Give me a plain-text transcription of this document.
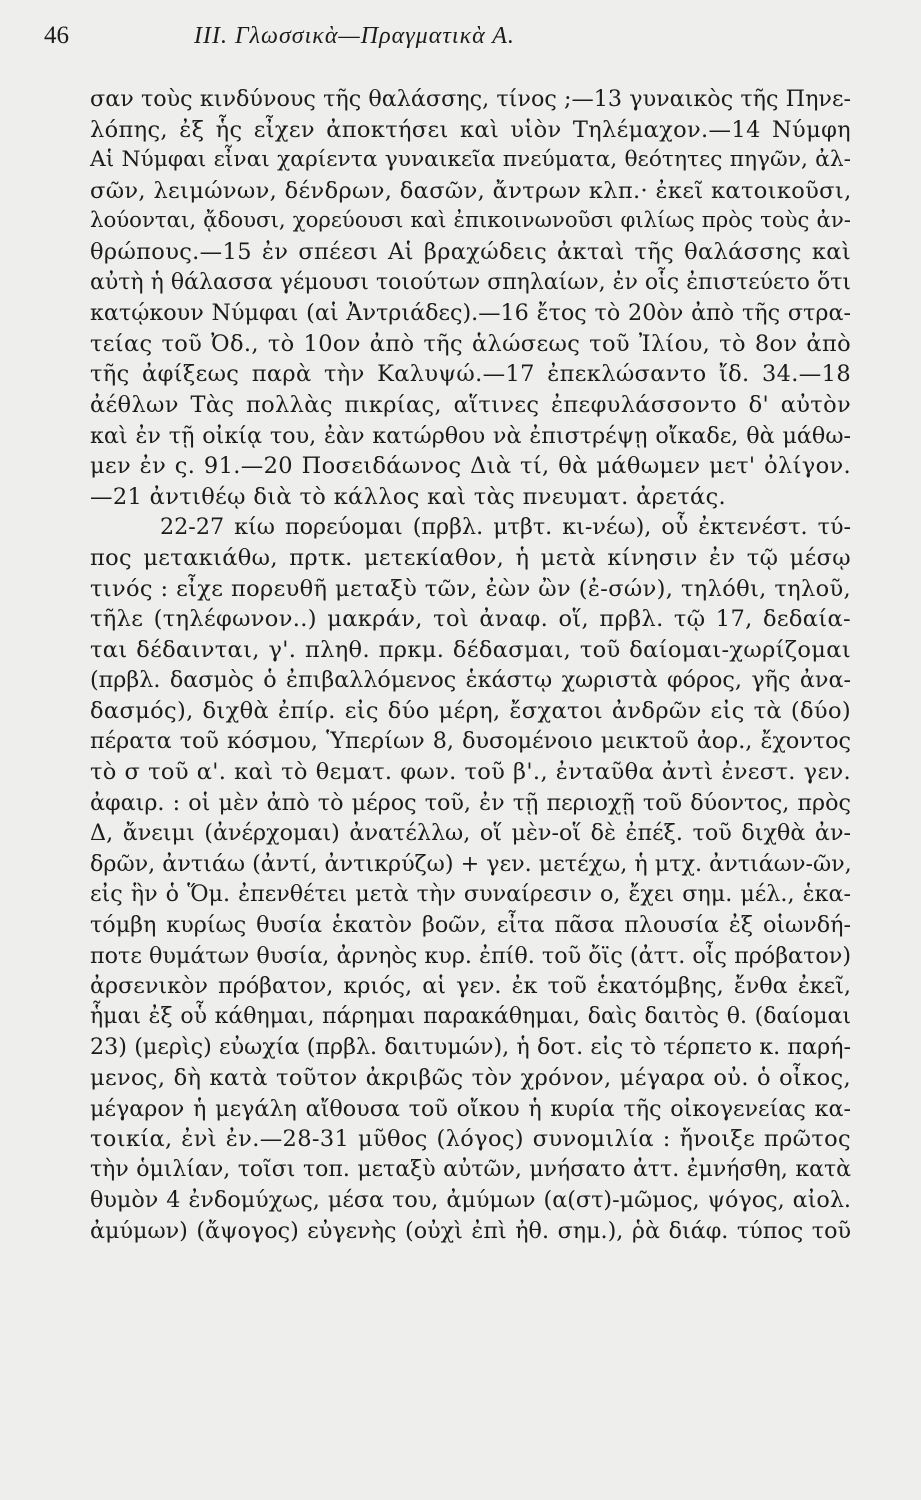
46	ΙΙΙ. Γλωσσικὰ—Πραγματικὰ Α.
σαν τοὺς κινδύνους τῆς θαλάσσης, τίνος ;—13 γυναικὸς τῆς Πηνε-
λόπης, ἐξ ἧς εἶχεν ἀποκτήσει καὶ υἱὸν Τηλέμαχον.—14 Νύμφη
Αἱ Νύμφαι εἶναι χαρίεντα γυναικεῖα πνεύματα, θεότητες πηγῶν, ἀλ-
σῶν, λειμώνων, δένδρων, δασῶν, ἄντρων κλπ.· ἐκεῖ κατοικοῦσι,
λούονται, ᾄδουσι, χορεύουσι καὶ ἐπικοινωνοῦσι φιλίως πρὸς τοὺς ἀν-
θρώπους.—15 ἐν σπέεσι Αἱ βραχώδεις ἀκταὶ τῆς θαλάσσης καὶ
αὐτὴ ἡ θάλασσα γέμουσι τοιούτων σπηλαίων, ἐν οἷς ἐπιστεύετο ὅτι
κατῴκουν Νύμφαι (αἱ Ἀντριάδες).—16 ἔτος τὸ 20ὸν ἀπὸ τῆς στρα-
τείας τοῦ Ὀδ., τὸ 10ον ἀπὸ τῆς ἁλώσεως τοῦ Ἰλίου, τὸ 8ον ἀπὸ
τῆς ἀφίξεως παρὰ τὴν Καλυψώ.—17 ἐπεκλώσαντο ἴδ. 34.—18
ἀέθλων Τὰς πολλὰς πικρίας, αἵτινες ἐπεφυλάσσοντο δ' αὐτὸν
καὶ ἐν τῇ οἰκίᾳ του, ἐὰν κατώρθου νὰ ἐπιστρέψῃ οἴκαδε, θὰ μάθω-
μεν ἐν ς. 91.—20 Ποσειδάωνος Διὰ τί, θὰ μάθωμεν μετ' ὀλίγον.
—21 ἀντιθέῳ διὰ τὸ κάλλος καὶ τὰς πνευματ. ἀρετάς.
22-27 κίω πορεύομαι (πρβλ. μτβτ. κι-νέω), οὗ ἐκτενέστ. τύ-
πος μετακιάθω, πρτκ. μετεκίαθον, ἡ μετὰ κίνησιν ἐν τῷ μέσῳ
τινός : εἶχε πορευθῆ μεταξὺ τῶν, ἐὼν ὢν (ἐ-σών), τηλόθι, τηλοῦ,
τῆλε (τηλέφωνον..) μακράν, τοὶ ἀναφ. οἵ, πρβλ. τῷ 17, δεδαία-
ται δέδαινται, γ'. πληθ. πρκμ. δέδασμαι, τοῦ δαίομαι-χωρίζομαι
(πρβλ. δασμὸς ὁ ἐπιβαλλόμενος ἑκάστῳ χωριστὰ φόρος, γῆς ἀνα-
δασμός), διχθὰ ἐπίρ. εἰς δύο μέρη, ἔσχατοι ἀνδρῶν εἰς τὰ (δύο)
πέρατα τοῦ κόσμου, Ὑπερίων 8, δυσομένοιο μεικτοῦ ἀορ., ἔχοντος
τὸ σ τοῦ α'. καὶ τὸ θεματ. φων. τοῦ β'., ἐνταῦθα ἀντὶ ἐνεστ. γεν.
ἀφαιρ. : οἱ μὲν ἀπὸ τὸ μέρος τοῦ, ἐν τῇ περιοχῇ τοῦ δύοντος, πρὸς
Δ, ἄνειμι (ἀνέρχομαι) ἀνατέλλω, οἵ μὲν-οἵ δὲ ἐπέξ. τοῦ διχθὰ ἀν-
δρῶν, ἀντιάω (ἀντί, ἀντικρύζω) + γεν. μετέχω, ἡ μτχ. ἀντιάων-ῶν,
εἰς ἣν ὁ Ὅμ. ἐπενθέτει μετὰ τὴν συναίρεσιν ο, ἔχει σημ. μέλ., ἑκα-
τόμβη κυρίως θυσία ἑκατὸν βοῶν, εἶτα πᾶσα πλουσία ἐξ οἱωνδή-
ποτε θυμάτων θυσία, ἀρνηὸς κυρ. ἐπίθ. τοῦ ὄϊς (ἀττ. οἶς πρόβατον)
ἀρσενικὸν πρόβατον, κριός, αἱ γεν. ἐκ τοῦ ἑκατόμβης, ἔνθα ἐκεῖ,
ἧμαι ἐξ οὗ κάθημαι, πάρημαι παρακάθημαι, δαὶς δαιτὸς θ. (δαίομαι
23) (μερὶς) εὐωχία (πρβλ. δαιτυμών), ἡ δοτ. εἰς τὸ τέρπετο κ. παρή-
μενος, δὴ κατὰ τοῦτον ἀκριβῶς τὸν χρόνον, μέγαρα οὐ. ὁ οἶκος,
μέγαρον ἡ μεγάλη αἴθουσα τοῦ οἴκου ἡ κυρία τῆς οἰκογενείας κα-
τοικία, ἐνὶ ἐν.—28-31 μῦθος (λόγος) συνομιλία : ἤνοιξε πρῶτος
τὴν ὁμιλίαν, τοῖσι τοπ. μεταξὺ αὐτῶν, μνήσατο ἀττ. ἐμνήσθη, κατὰ
θυμὸν 4 ἐνδομύχως, μέσα του, ἀμύμων (α(στ)-μῶμος, ψόγος, αἰολ.
ἀμύμων) (ἄψογος) εὐγενὴς (οὐχὶ ἐπὶ ἠθ. σημ.), ῥὰ διάφ. τύπος τοῦ
